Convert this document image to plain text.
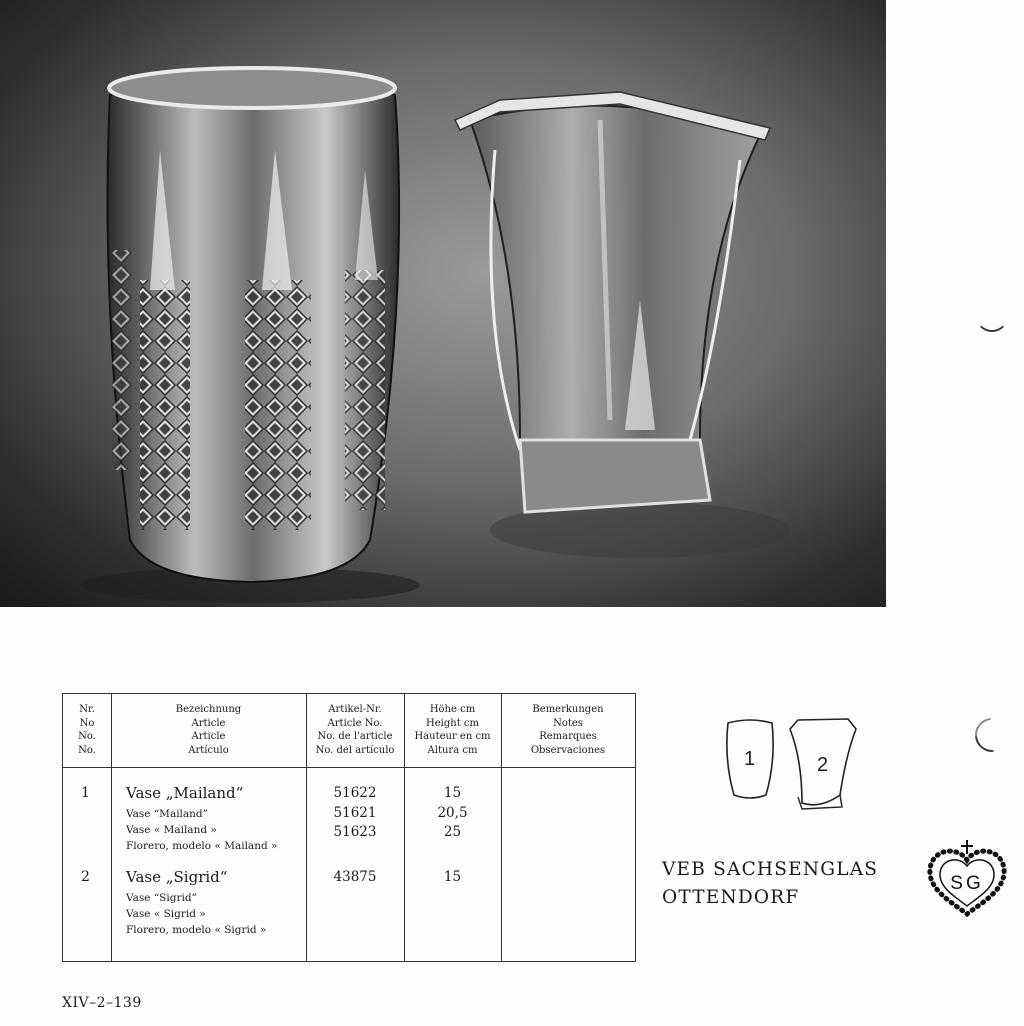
Nr.
No
No.
No.
Bezeichnung
Article
Article
Artículo
Artikel-Nr.
Article No.
No. de l'article
No. del artículo
Höhe cm
Height cm
Hauteur en cm
Altura cm
Bemerkungen
Notes
Remarques
Observaciones
1 Vase „Mailand“
Vase “Mailand”
Vase « Mailand »
Florero, modelo « Mailand »
51622
51621
51623
15
20,5
25
2 Vase „Sigrid“
Vase “Sigrid”
Vase « Sigrid »
Florero, modelo « Sigrid »
43875	15
1	2
VEB SACHSENGLAS
OTTENDORF
SG
XIV–2–139
